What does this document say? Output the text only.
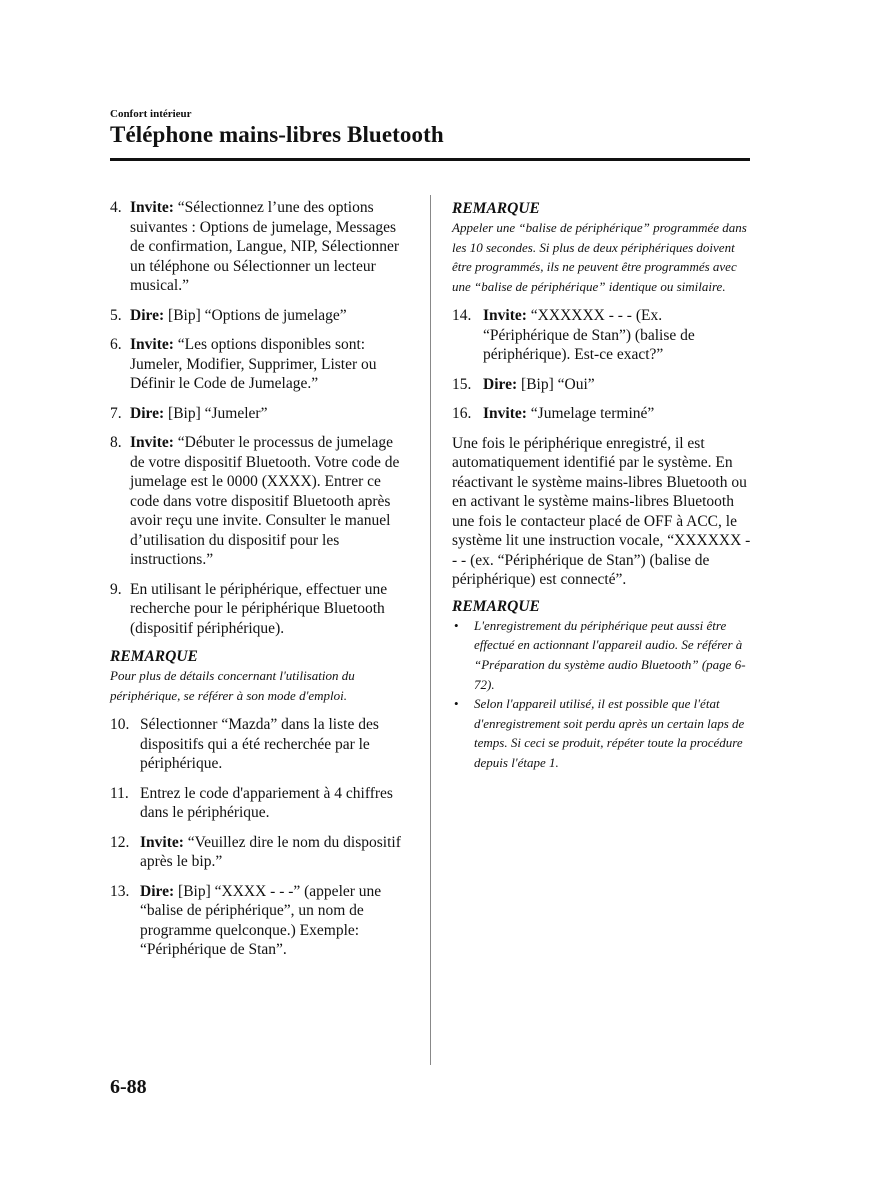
Confort intérieur
Téléphone mains-libres Bluetooth
4. Invite: “Sélectionnez l’une des options suivantes : Options de jumelage, Messages de confirmation, Langue, NIP, Sélectionner un téléphone ou Sélectionner un lecteur musical.”
5. Dire: [Bip] “Options de jumelage”
6. Invite: “Les options disponibles sont: Jumeler, Modifier, Supprimer, Lister ou Définir le Code de Jumelage.”
7. Dire: [Bip] “Jumeler”
8. Invite: “Débuter le processus de jumelage de votre dispositif Bluetooth. Votre code de jumelage est le 0000 (XXXX). Entrer ce code dans votre dispositif Bluetooth après avoir reçu une invite. Consulter le manuel d’utilisation du dispositif pour les instructions.”
9. En utilisant le périphérique, effectuer une recherche pour le périphérique Bluetooth (dispositif périphérique).
REMARQUE
Pour plus de détails concernant l'utilisation du périphérique, se référer à son mode d'emploi.
10. Sélectionner “Mazda” dans la liste des dispositifs qui a été recherchée par le périphérique.
11. Entrez le code d'appariement à 4 chiffres dans le périphérique.
12. Invite: “Veuillez dire le nom du dispositif après le bip.”
13. Dire: [Bip] “XXXX - - -” (appeler une “balise de périphérique”, un nom de programme quelconque.) Exemple: “Périphérique de Stan”.
REMARQUE
Appeler une “balise de périphérique” programmée dans les 10 secondes. Si plus de deux périphériques doivent être programmés, ils ne peuvent être programmés avec une “balise de périphérique” identique ou similaire.
14. Invite: “XXXXXX - - - (Ex. “Périphérique de Stan”) (balise de périphérique). Est-ce exact?”
15. Dire: [Bip] “Oui”
16. Invite: “Jumelage terminé”

Une fois le périphérique enregistré, il est automatiquement identifié par le système. En réactivant le système mains-libres Bluetooth ou en activant le système mains-libres Bluetooth une fois le contacteur placé de OFF à ACC, le système lit une instruction vocale, “XXXXXX - - - (ex. “Périphérique de Stan”) (balise de périphérique) est connecté”.

REMARQUE
•	L'enregistrement du périphérique peut aussi être effectué en actionnant l'appareil audio. Se référer à “Préparation du système audio Bluetooth” (page 6-72).
•	Selon l'appareil utilisé, il est possible que l'état d'enregistrement soit perdu après un certain laps de temps. Si ceci se produit, répéter toute la procédure depuis l'étape 1.
6-88
